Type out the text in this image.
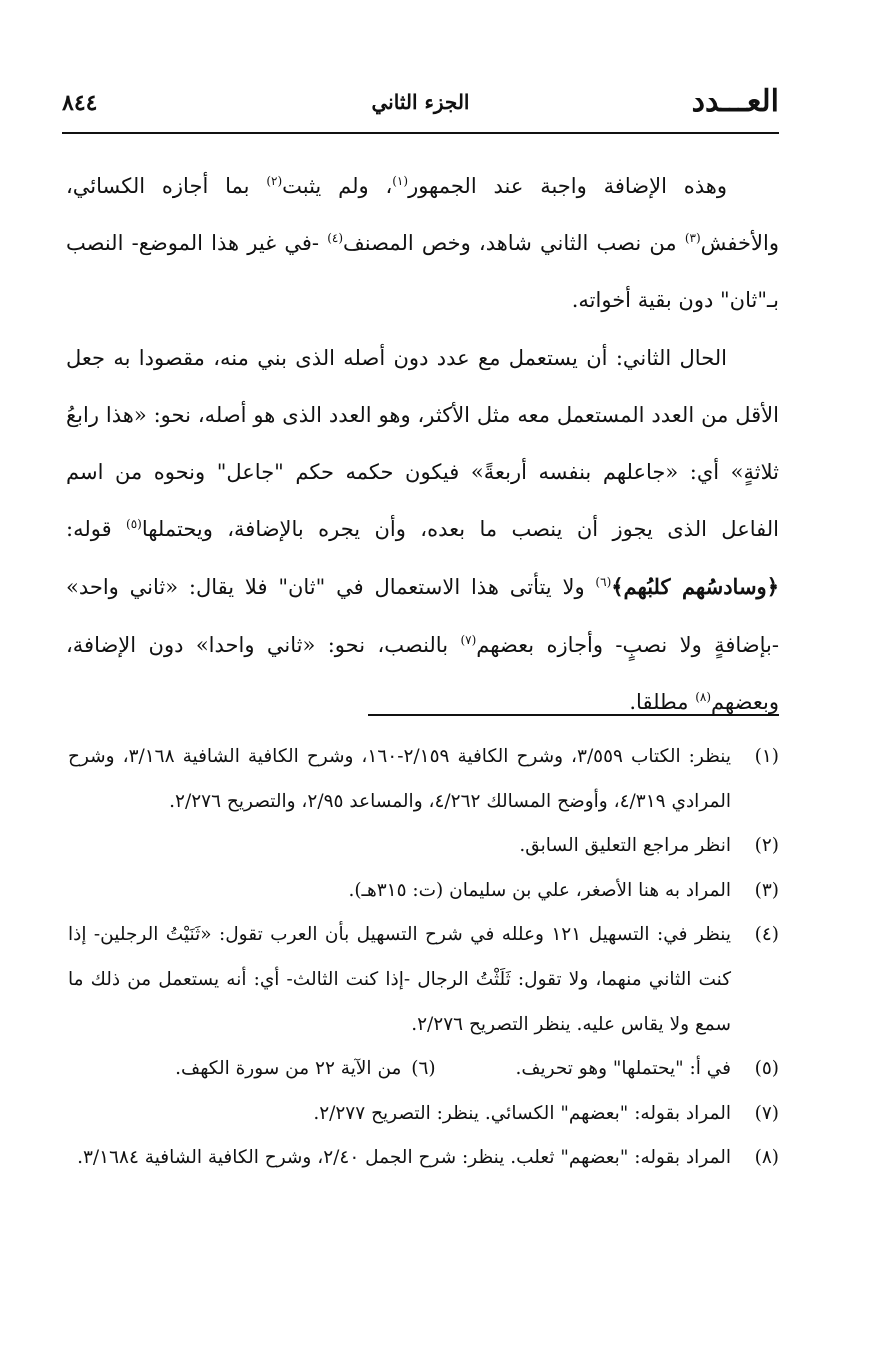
العـــدد
الجزء الثاني
٨٤٤

وهذه الإضافة واجبة عند الجمهور$^{(١)}$، ولم يثبت$^{(٢)}$ بما أجازه الكسائي، والأخفش$^{(٣)}$ من نصب الثاني شاهد، وخص المصنف$^{(٤)}$ -في غير هذا الموضع- النصب بـ"ثان" دون بقية أخواته.

الحال الثاني: أن يستعمل مع عدد دون أصله الذى بني منه، مقصودا به جعل الأقل من العدد المستعمل معه مثل الأكثر، وهو العدد الذى هو أصله، نحو: «هذا رابعُ ثلاثةٍ» أي: «جاعلهم بنفسه أربعةً» فيكون حكمه حكم "جاعل" ونحوه من اسم الفاعل الذى يجوز أن ينصب ما بعده، وأن يجره بالإضافة، ويحتملها$^{(٥)}$ قوله: ﴿وسادسُهم كلبُهم﴾$^{(٦)}$ ولا يتأتى هذا الاستعمال في "ثان" فلا يقال: «ثاني واحد» -بإضافةٍ ولا نصبٍ- وأجازه بعضهم$^{(٧)}$ بالنصب، نحو: «ثاني واحدا» دون الإضافة، وبعضهم$^{(٨)}$ مطلقا.

(١)
ينظر: الكتاب ٣/٥٥٩، وشرح الكافية ٢/١٥٩-١٦٠، وشرح الكافية الشافية ٣/١٦٨، وشرح المرادي ٤/٣١٩، وأوضح المسالك ٤/٢٦٢، والمساعد ٢/٩٥، والتصريح ٢/٢٧٦.
(٢)
انظر مراجع التعليق السابق.
(٣)
المراد به هنا الأصغر، علي بن سليمان (ت: ٣١٥هـ).
(٤)
ينظر في: التسهيل ١٢١ وعلله في شرح التسهيل بأن العرب تقول: «ثَنَيْتُ الرجلين- إذا كنت الثاني منهما، ولا تقول: ثَلَثْتُ الرجال -إذا كنت الثالث- أي: أنه يستعمل من ذلك ما سمع ولا يقاس عليه. ينظر التصريح ٢/٢٧٦.
(٥)
في أ: "يحتملها" وهو تحريف.
(٦)
من الآية ٢٢ من سورة الكهف.
(٧)
المراد بقوله: "بعضهم" الكسائي. ينظر: التصريح ٢/٢٧٧.
(٨)
المراد بقوله: "بعضهم" ثعلب. ينظر: شرح الجمل ٢/٤٠، وشرح الكافية الشافية ٣/١٦٨٤.
